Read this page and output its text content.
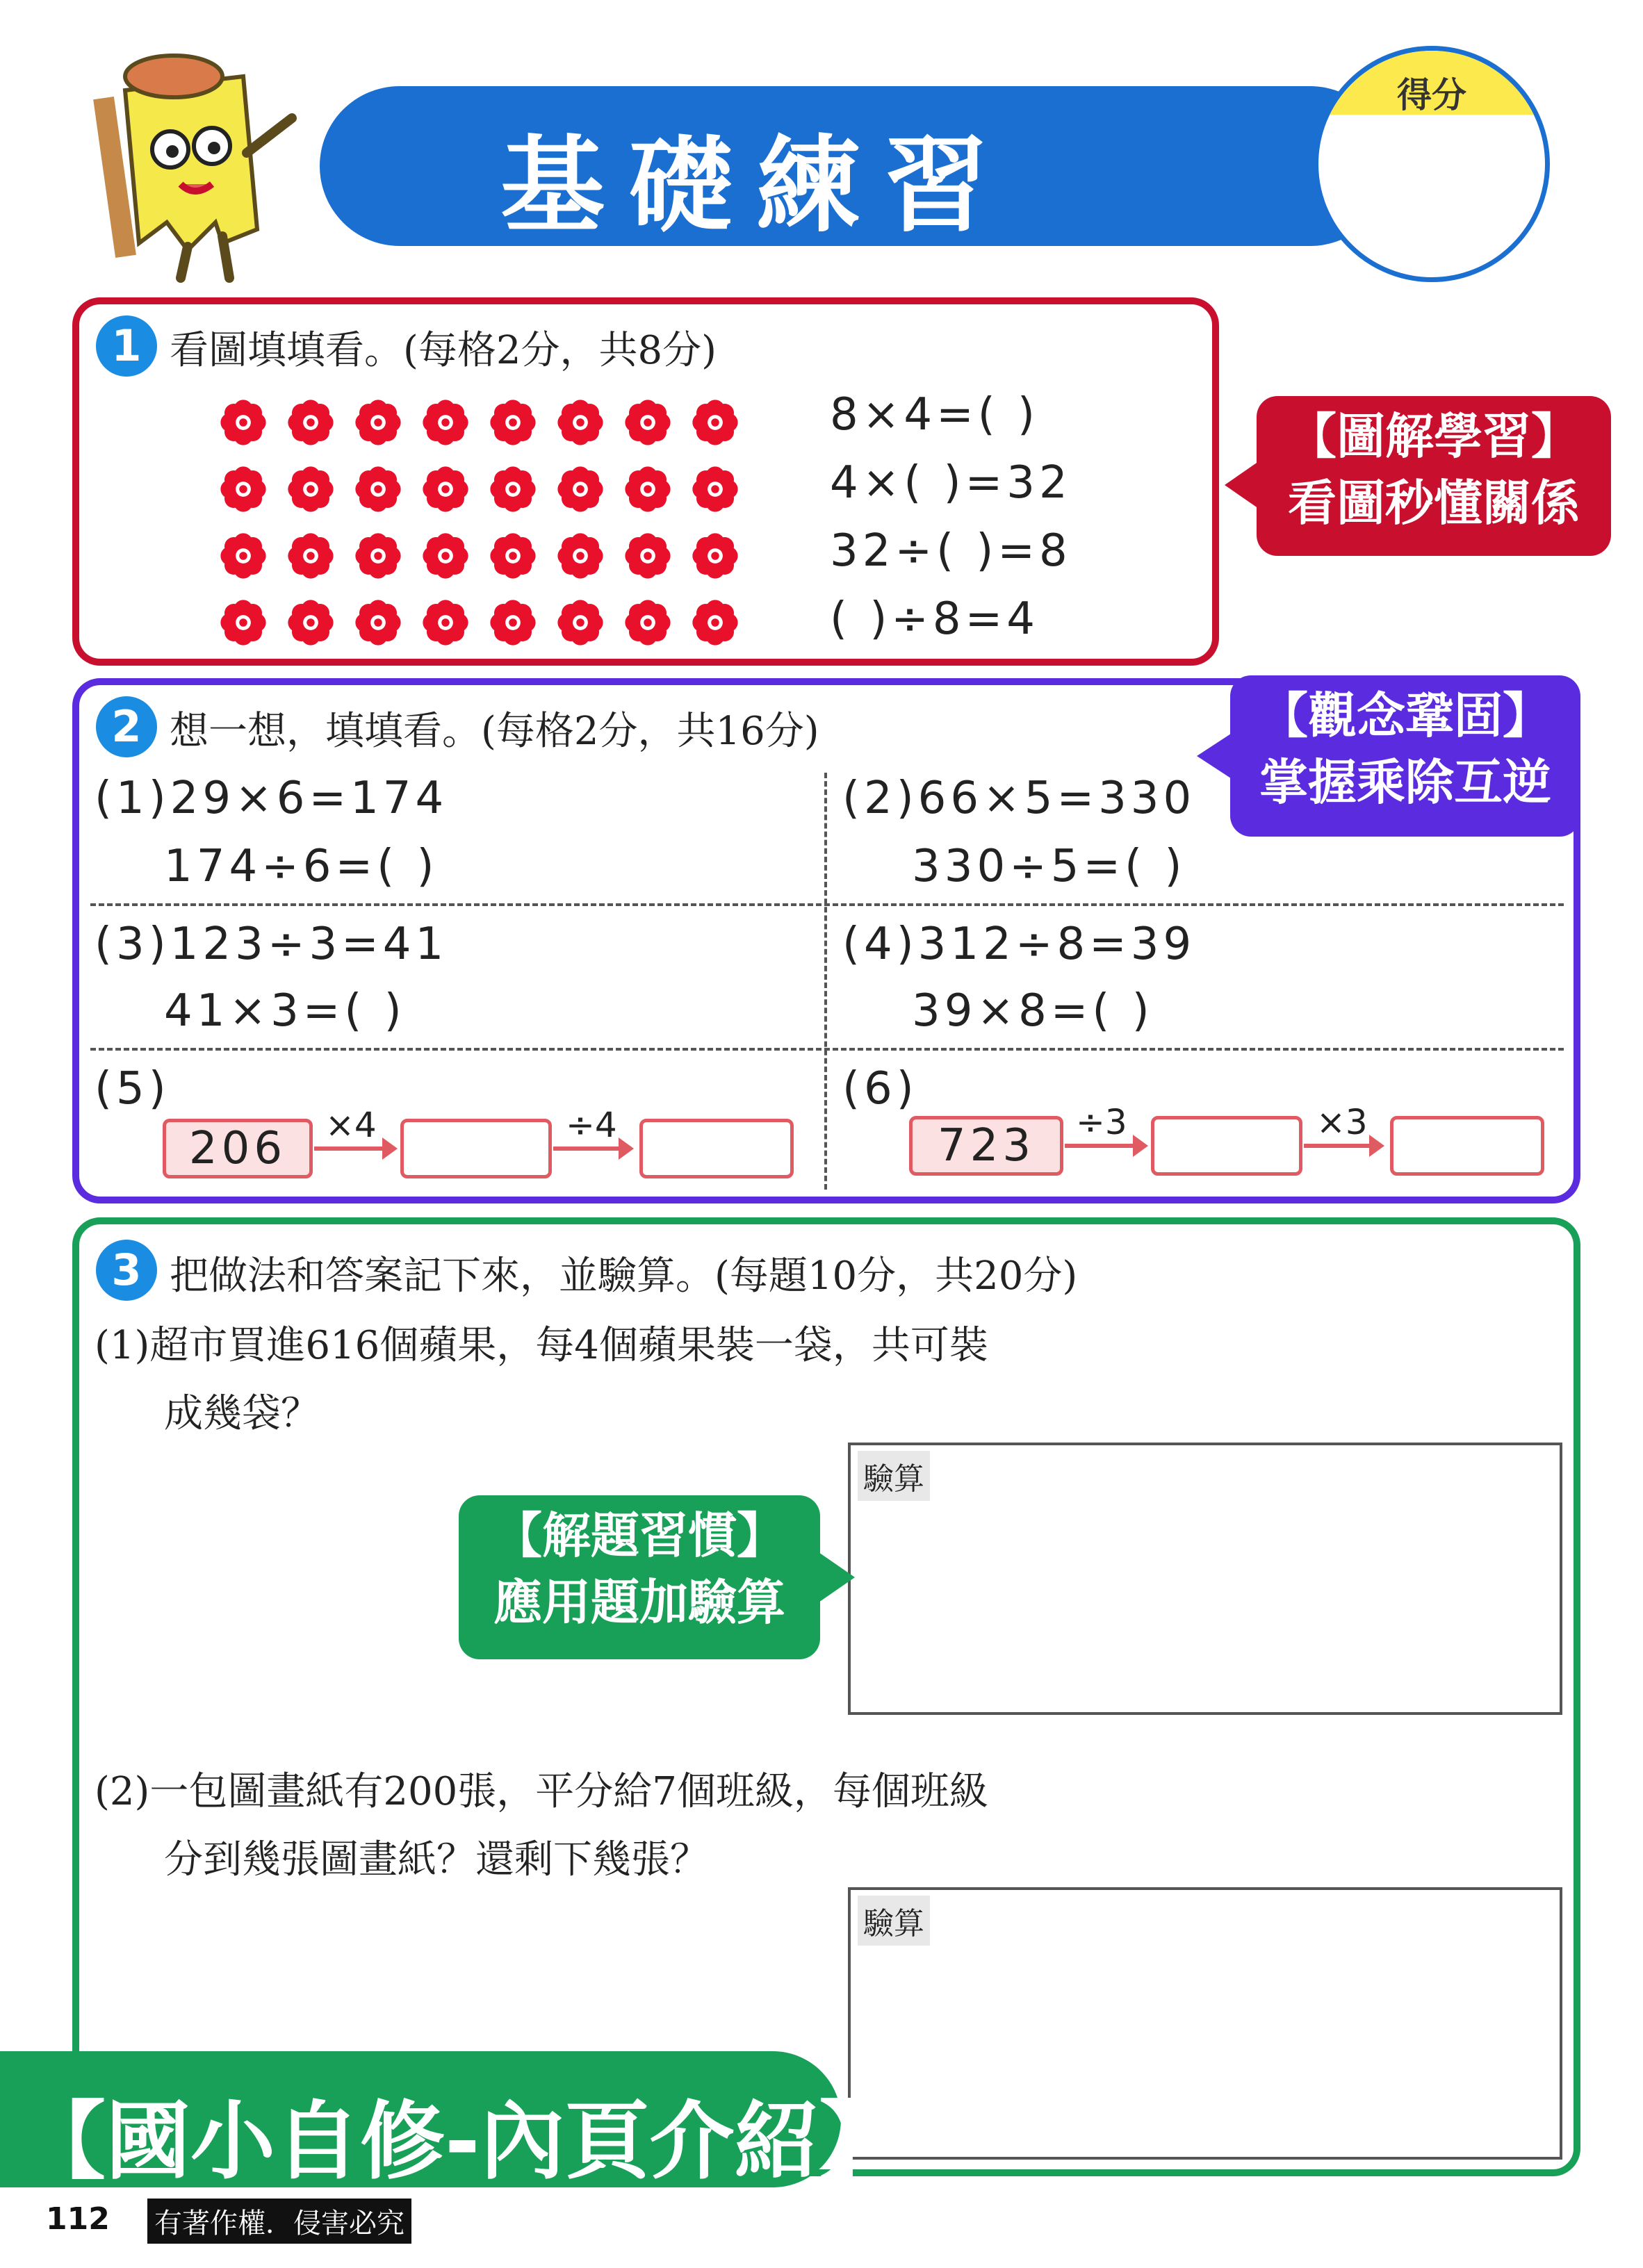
基礎練習
得分
1 看圖填填看。(每格2分，共8分)
8×4=( )
4×( )=32
32÷( )=8
( )÷8=4
【圖解學習】
看圖秒懂關係
2 想一想，填填看。(每格2分，共16分)	【觀念鞏固】
掌握乘除互逆
(1)29×6=174
174÷6=( )
(2)66×5=330
330÷5=( )
(3)123÷3=41
41×3=( )
(4)312÷8=39
39×8=( )
(5)
206	×4	÷4
(6)
723	÷3	×3
3 把做法和答案記下來，並驗算。(每題10分，共20分)
(1)超市買進616個蘋果，每4個蘋果裝一袋，共可裝
成幾袋？
驗算
【解題習慣】
應用題加驗算
(2)一包圖畫紙有200張，平分給7個班級，每個班級
分到幾張圖畫紙？還剩下幾張？
驗算
【國小自修-內頁介紹】
112 有著作權．侵害必究
